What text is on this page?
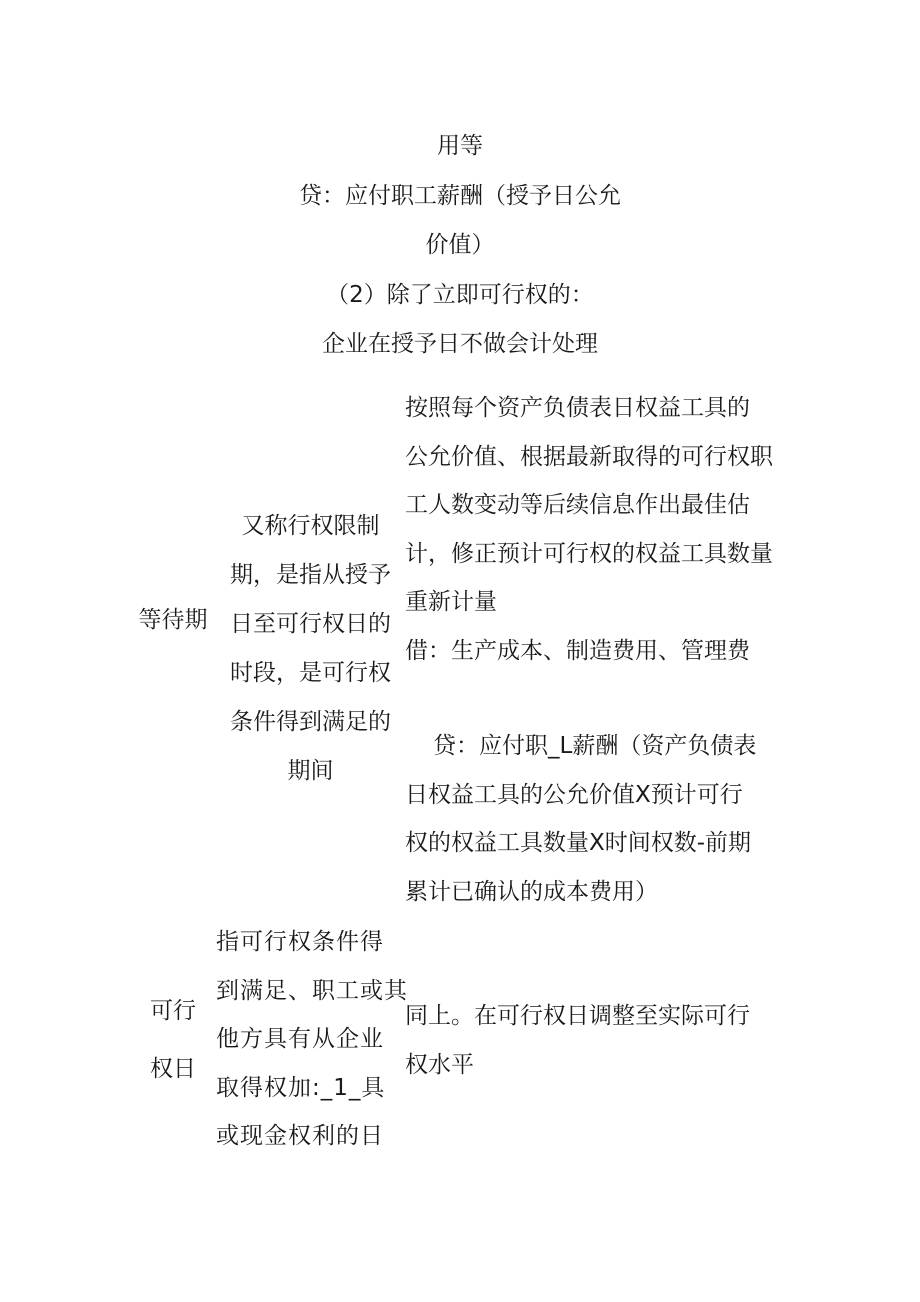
用等
贷：应付职工薪酬（授予日公允
价值）
（2）除了立即可行权的：
企业在授予日不做会计处理
等待期
又称行权限制
期，是指从授予
日至可行权日的
时段，是可行权
条件得到满足的
期间
按照每个资产负债表日权益工具的
公允价值、根据最新取得的可行权职
工人数变动等后续信息作出最佳估
计，修正预计可行权的权益工具数量
重新计量
借：生产成本、制造费用、管理费
贷：应付职_L薪酬（资产负债表
日权益工具的公允价值X预计可行
权的权益工具数量X时间权数-前期
累计已确认的成本费用）
可行
权日
指可行权条件得
到满足、职工或其
他方具有从企业
取得权加:_1_具
或现金权利的日
同上。在可行权日调整至实际可行
权水平
